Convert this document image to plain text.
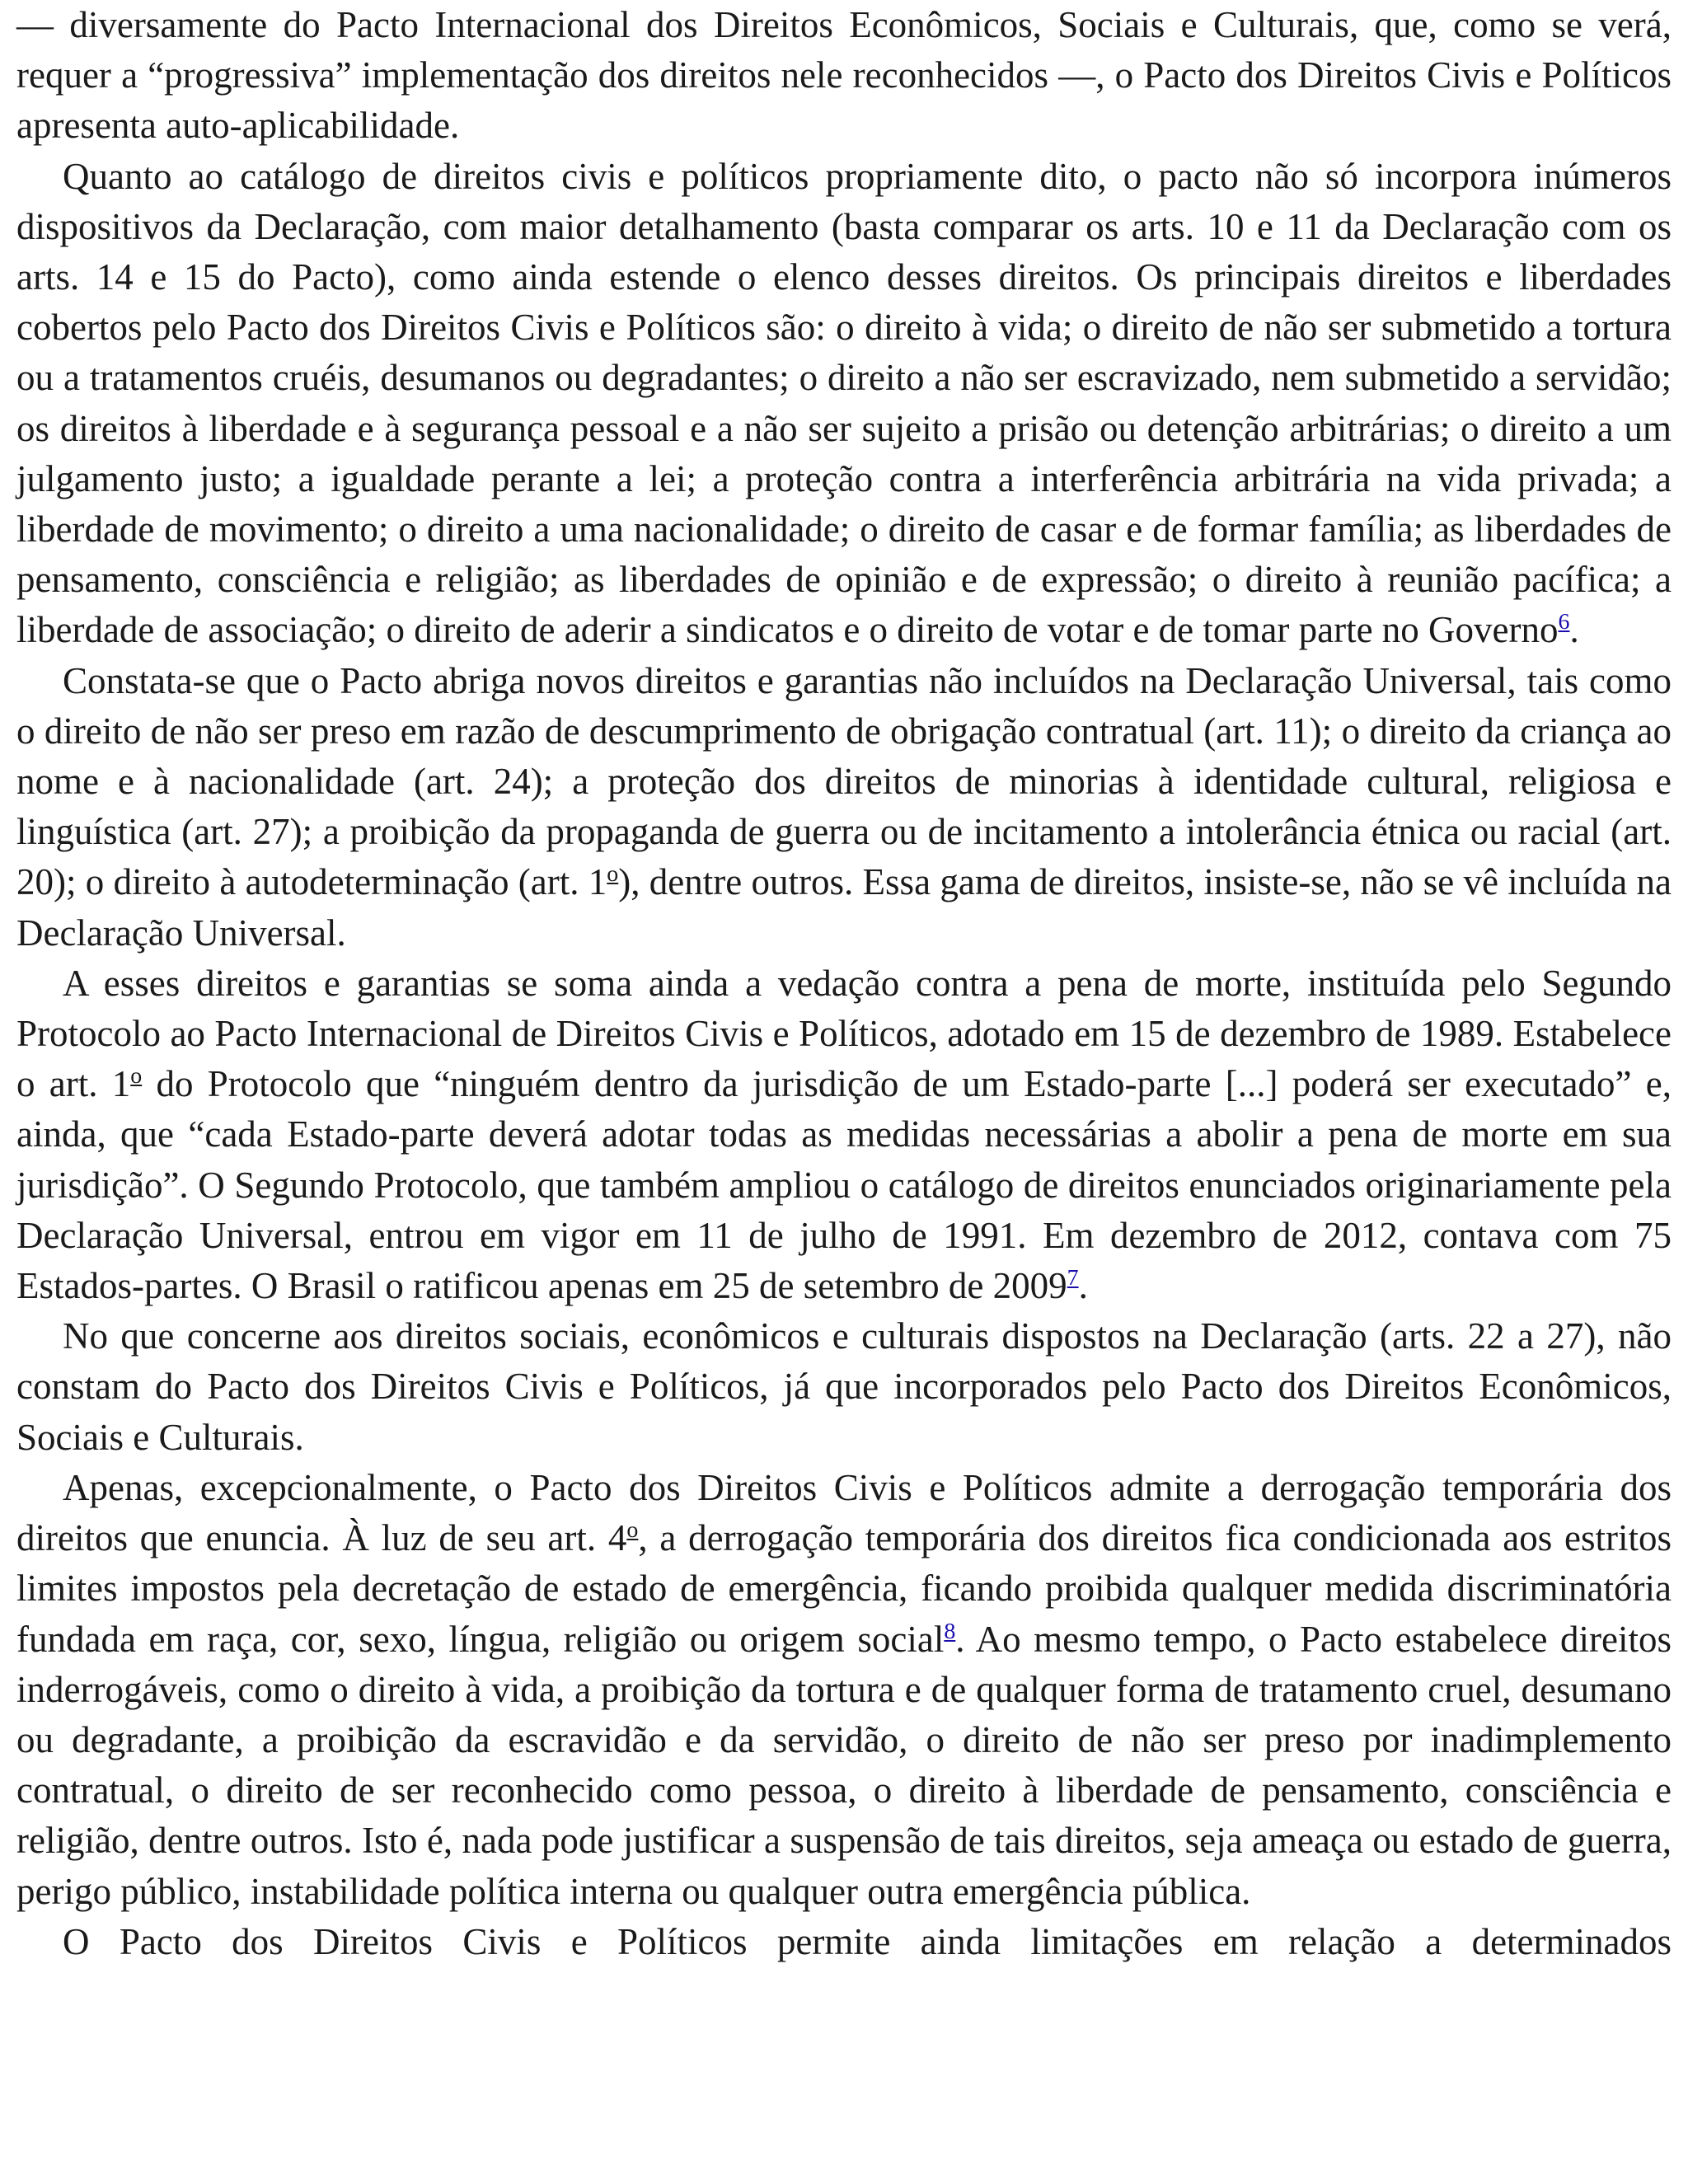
— diversamente do Pacto Internacional dos Direitos Econômicos, Sociais e Culturais, que, como se verá, requer a “progressiva” implementação dos direitos nele reconhecidos —, o Pacto dos Direitos Civis e Políticos apresenta auto-aplicabilidade.

Quanto ao catálogo de direitos civis e políticos propriamente dito, o pacto não só incorpora inúmeros dispositivos da Declaração, com maior detalhamento (basta comparar os arts. 10 e 11 da Declaração com os arts. 14 e 15 do Pacto), como ainda estende o elenco desses direitos. Os principais direitos e liberdades cobertos pelo Pacto dos Direitos Civis e Políticos são: o direito à vida; o direito de não ser submetido a tortura ou a tratamentos cruéis, desumanos ou degradantes; o direito a não ser escravizado, nem submetido a servidão; os direitos à liberdade e à segurança pessoal e a não ser sujeito a prisão ou detenção arbitrárias; o direito a um julgamento justo; a igualdade perante a lei; a proteção contra a interferência arbitrária na vida privada; a liberdade de movimento; o direito a uma nacionalidade; o direito de casar e de formar família; as liberdades de pensamento, consciência e religião; as liberdades de opinião e de expressão; o direito à reunião pacífica; a liberdade de associação; o direito de aderir a sindicatos e o direito de votar e de tomar parte no Governo$^6$.

Constata-se que o Pacto abriga novos direitos e garantias não incluídos na Declaração Universal, tais como o direito de não ser preso em razão de descumprimento de obrigação contratual (art. 11); o direito da criança ao nome e à nacionalidade (art. 24); a proteção dos direitos de minorias à identidade cultural, religiosa e linguística (art. 27); a proibição da propaganda de guerra ou de incitamento a intolerância étnica ou racial (art. 20); o direito à autodeterminação (art. 1$^o$), dentre outros. Essa gama de direitos, insiste-se, não se vê incluída na Declaração Universal.

A esses direitos e garantias se soma ainda a vedação contra a pena de morte, instituída pelo Segundo Protocolo ao Pacto Internacional de Direitos Civis e Políticos, adotado em 15 de dezembro de 1989. Estabelece o art. 1$^o$ do Protocolo que “ninguém dentro da jurisdição de um Estado-parte [...] poderá ser executado” e, ainda, que “cada Estado-parte deverá adotar todas as medidas necessárias a abolir a pena de morte em sua jurisdição”. O Segundo Protocolo, que também ampliou o catálogo de direitos enunciados originariamente pela Declaração Universal, entrou em vigor em 11 de julho de 1991. Em dezembro de 2012, contava com 75 Estados-partes. O Brasil o ratificou apenas em 25 de setembro de 2009$^7$.

No que concerne aos direitos sociais, econômicos e culturais dispostos na Declaração (arts. 22 a 27), não constam do Pacto dos Direitos Civis e Políticos, já que incorporados pelo Pacto dos Direitos Econômicos, Sociais e Culturais.

Apenas, excepcionalmente, o Pacto dos Direitos Civis e Políticos admite a derrogação temporária dos direitos que enuncia. À luz de seu art. 4$^o$, a derrogação temporária dos direitos fica condicionada aos estritos limites impostos pela decretação de estado de emergência, ficando proibida qualquer medida discriminatória fundada em raça, cor, sexo, língua, religião ou origem social$^8$. Ao mesmo tempo, o Pacto estabelece direitos inderrogáveis, como o direito à vida, a proibição da tortura e de qualquer forma de tratamento cruel, desumano ou degradante, a proibição da escravidão e da servidão, o direito de não ser preso por inadimplemento contratual, o direito de ser reconhecido como pessoa, o direito à liberdade de pensamento, consciência e religião, dentre outros. Isto é, nada pode justificar a suspensão de tais direitos, seja ameaça ou estado de guerra, perigo público, instabilidade política interna ou qualquer outra emergência pública.

O Pacto dos Direitos Civis e Políticos permite ainda limitações em relação a determinados
